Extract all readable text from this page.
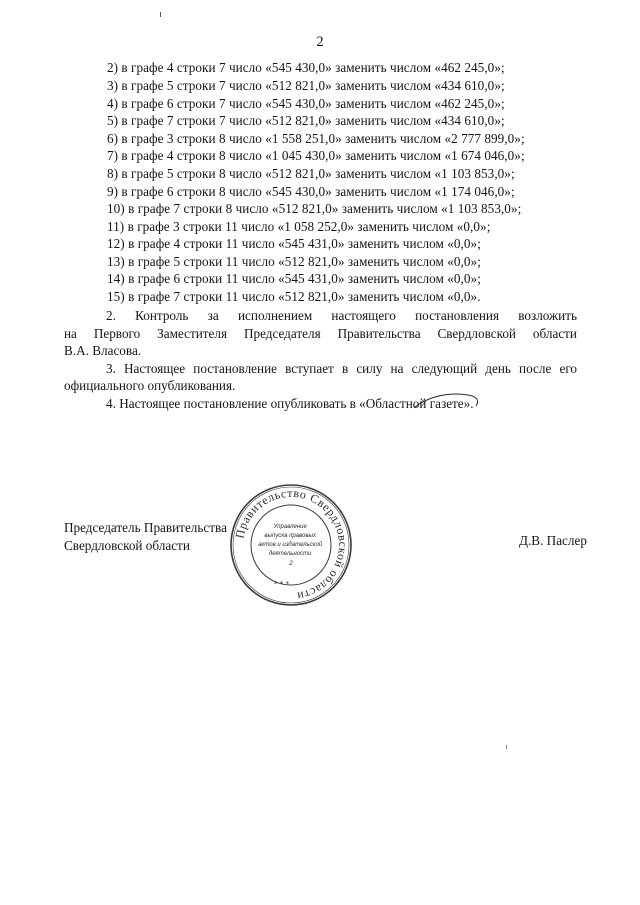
2
2) в графе 4 строки 7 число «545 430,0» заменить числом «462 245,0»;
3) в графе 5 строки 7 число «512 821,0» заменить числом «434 610,0»;
4) в графе 6 строки 7 число «545 430,0» заменить числом «462 245,0»;
5) в графе 7 строки 7 число «512 821,0» заменить числом «434 610,0»;
6) в графе 3 строки 8 число «1 558 251,0» заменить числом «2 777 899,0»;
7) в графе 4 строки 8 число «1 045 430,0» заменить числом «1 674 046,0»;
8) в графе 5 строки 8 число «512 821,0» заменить числом «1 103 853,0»;
9) в графе 6 строки 8 число «545 430,0» заменить числом «1 174 046,0»;
10) в графе 7 строки 8 число «512 821,0» заменить числом «1 103 853,0»;
11) в графе 3 строки 11 число «1 058 252,0» заменить числом «0,0»;
12) в графе 4 строки 11 число «545 431,0» заменить числом «0,0»;
13) в графе 5 строки 11 число «512 821,0» заменить числом «0,0»;
14) в графе 6 строки 11 число «545 431,0» заменить числом «0,0»;
15) в графе 7 строки 11 число «512 821,0» заменить числом «0,0».
2. Контроль за исполнением настоящего постановления возложить
на Первого Заместителя Председателя Правительства Свердловской области
В.А. Власова.
3. Настоящее постановление вступает в силу на следующий день после его
официального опубликования.
4. Настоящее постановление опубликовать в «Областной газете».
Председатель Правительства
Свердловской области
Правительство Свердловской области
Управление выпуска правовых актов и издательской деятельности 2
* * *
Д.В. Паслер
